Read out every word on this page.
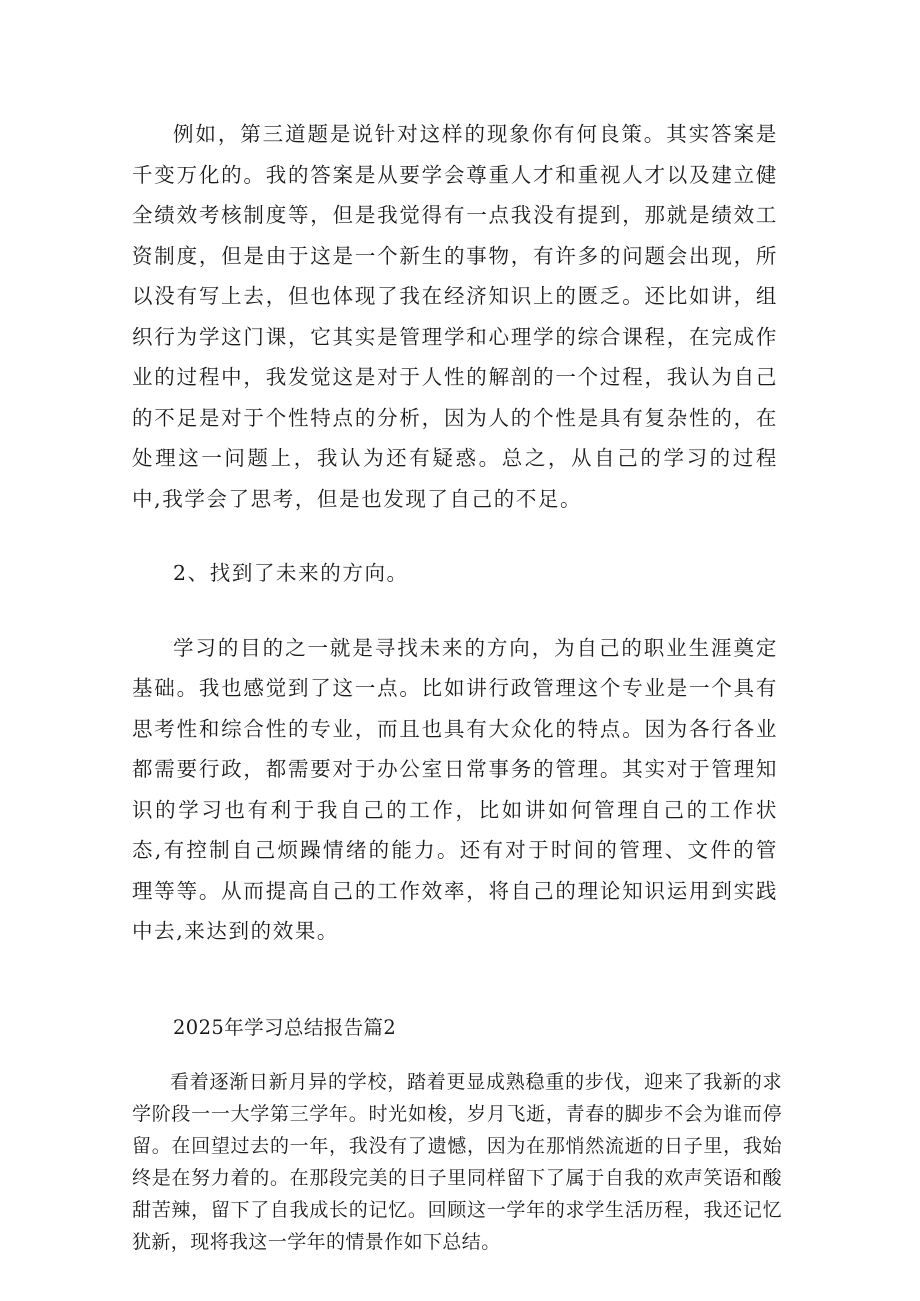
例如，第三道题是说针对这样的现象你有何良策。其实答案是千变万化的。我的答案是从要学会尊重人才和重视人才以及建立健全绩效考核制度等，但是我觉得有一点我没有提到，那就是绩效工资制度，但是由于这是一个新生的事物，有许多的问题会出现，所以没有写上去，但也体现了我在经济知识上的匮乏。还比如讲，组织行为学这门课，它其实是管理学和心理学的综合课程，在完成作业的过程中，我发觉这是对于人性的解剖的一个过程，我认为自己的不足是对于个性特点的分析，因为人的个性是具有复杂性的，在处理这一问题上，我认为还有疑惑。总之，从自己的学习的过程中,我学会了思考，但是也发现了自己的不足。

2、找到了未来的方向。

学习的目的之一就是寻找未来的方向，为自己的职业生涯奠定基础。我也感觉到了这一点。比如讲行政管理这个专业是一个具有思考性和综合性的专业，而且也具有大众化的特点。因为各行各业都需要行政，都需要对于办公室日常事务的管理。其实对于管理知识的学习也有利于我自己的工作，比如讲如何管理自己的工作状态,有控制自己烦躁情绪的能力。还有对于时间的管理、文件的管理等等。从而提高自己的工作效率，将自己的理论知识运用到实践中去,来达到的效果。

2025年学习总结报告篇2

看着逐渐日新月异的学校，踏着更显成熟稳重的步伐，迎来了我新的求学阶段一一大学第三学年。时光如梭，岁月飞逝，青春的脚步不会为谁而停留。在回望过去的一年，我没有了遗憾，因为在那悄然流逝的日子里，我始终是在努力着的。在那段完美的日子里同样留下了属于自我的欢声笑语和酸甜苦辣，留下了自我成长的记忆。回顾这一学年的求学生活历程，我还记忆犹新，现将我这一学年的情景作如下总结。
